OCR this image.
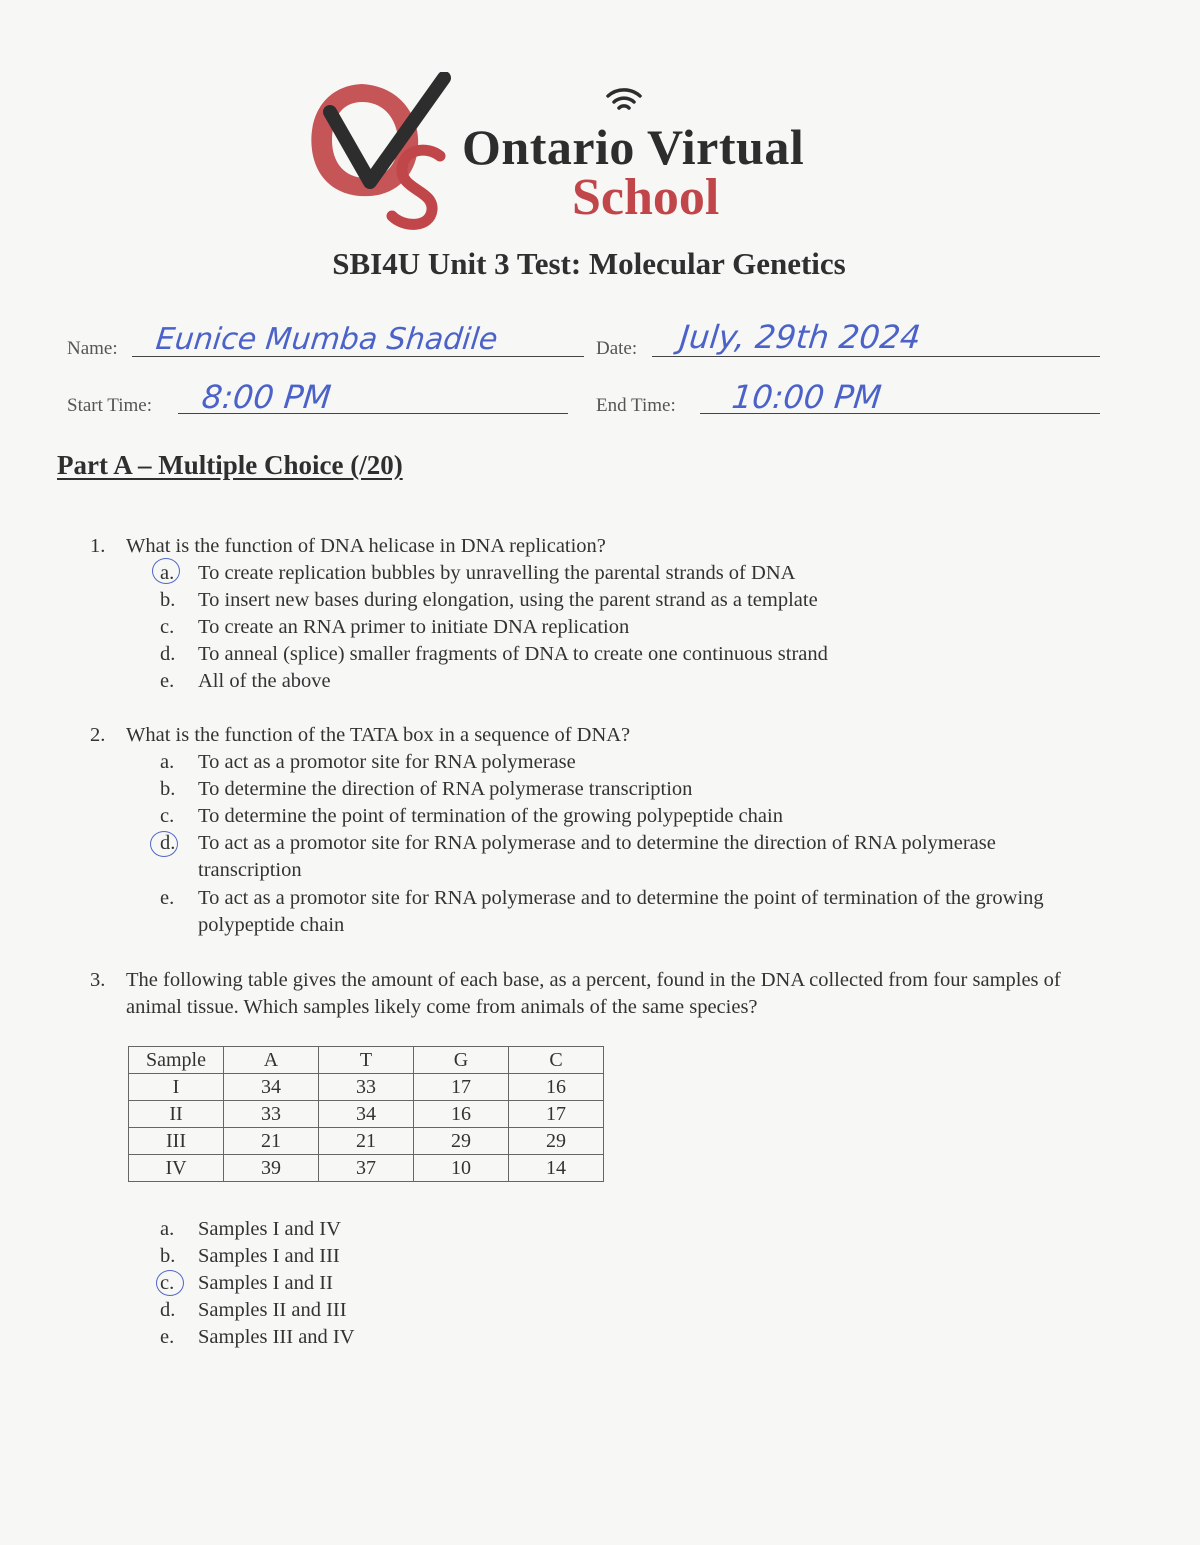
Ontario Virtual
School
SBI4U Unit 3 Test: Molecular Genetics
Name: Eunice Mumba Shadile	Date: July, 29th 2024
Start Time: 8:00 PM	End Time: 10:00 PM
Part A – Multiple Choice (/20)
1. What is the function of DNA helicase in DNA replication?
a. To create replication bubbles by unravelling the parental strands of DNA
b. To insert new bases during elongation, using the parent strand as a template
c. To create an RNA primer to initiate DNA replication
d. To anneal (splice) smaller fragments of DNA to create one continuous strand
e. All of the above
2. What is the function of the TATA box in a sequence of DNA?
a. To act as a promotor site for RNA polymerase
b. To determine the direction of RNA polymerase transcription
c. To determine the point of termination of the growing polypeptide chain
d. To act as a promotor site for RNA polymerase and to determine the direction of RNA polymerase transcription
e. To act as a promotor site for RNA polymerase and to determine the point of termination of the growing polypeptide chain
3. The following table gives the amount of each base, as a percent, found in the DNA collected from four samples of animal tissue. Which samples likely come from animals of the same species?
Sample	A	T	G	C
I	34	33	17	16
II	33	34	16	17
III	21	21	29	29
IV	39	37	10	14
a. Samples I and IV
b. Samples I and III
c. Samples I and II
d. Samples II and III
e. Samples III and IV
